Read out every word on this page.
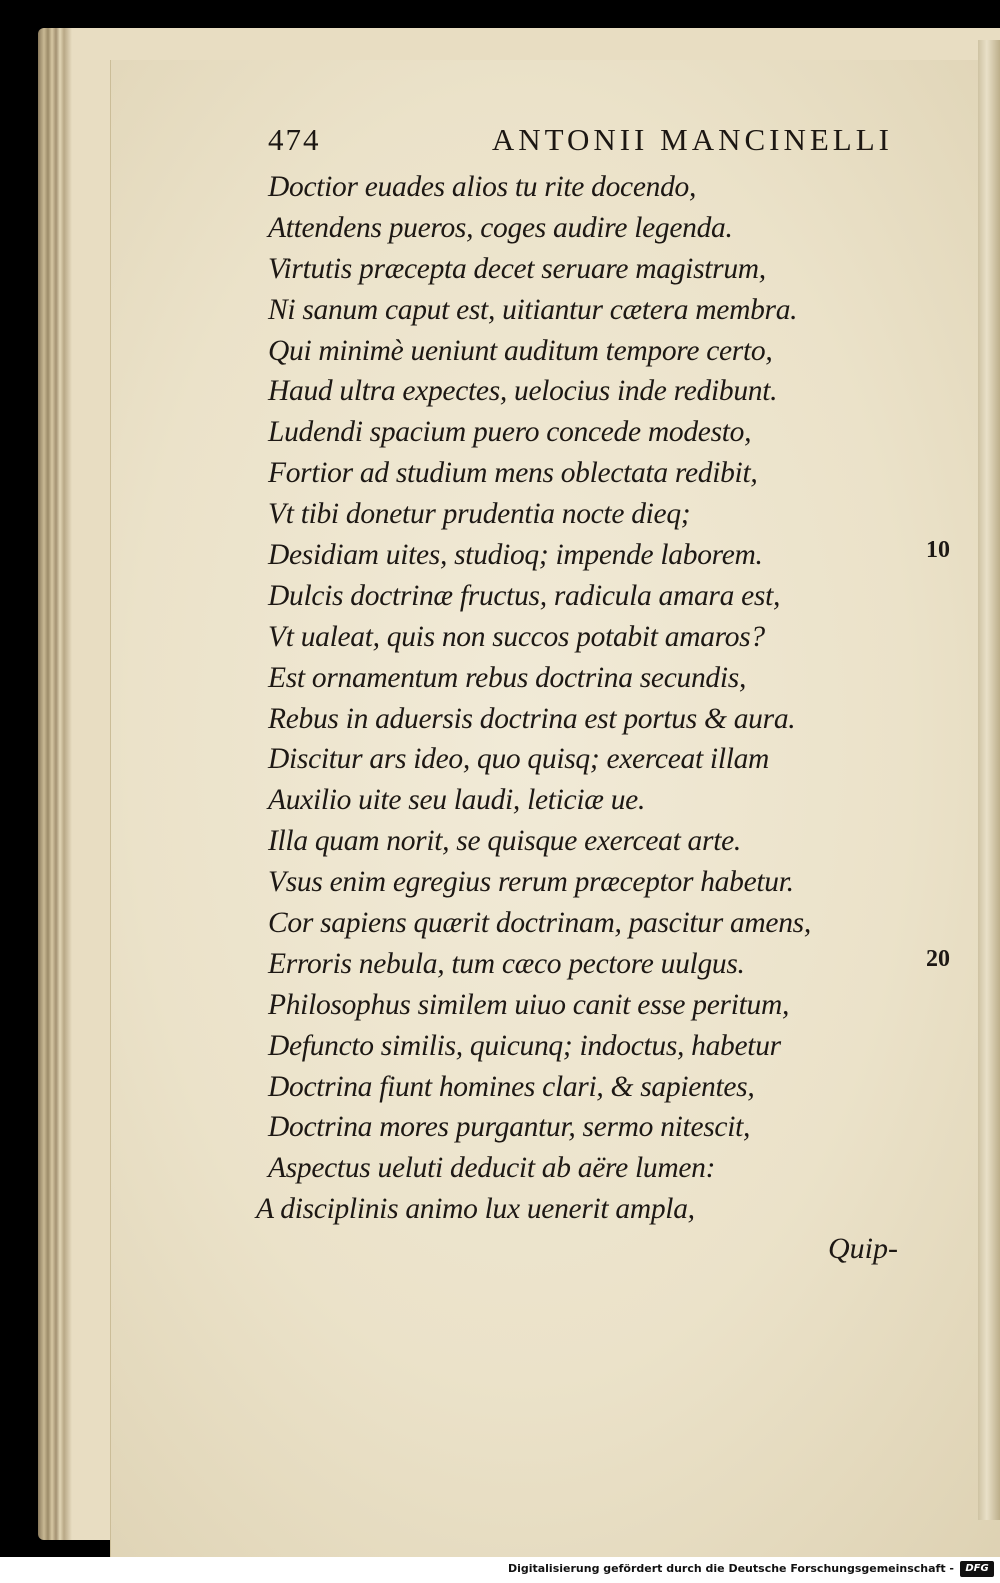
474	ANTONII MANCINELLI
Doctior euades alios tu rite docendo,
Attendens pueros, coges audire legenda.
Virtutis præcepta decet seruare magistrum,
Ni sanum caput est, uitiantur cætera membra.
Qui minimè ueniunt auditum tempore certo,
Haud ultra expectes, uelocius inde redibunt.
Ludendi spacium puero concede modesto,
Fortior ad studium mens oblectata redibit,
Vt tibi donetur prudentia nocte dieq;
Desidiam uites, studioq; impende laborem.
Dulcis doctrinæ fructus, radicula amara est,
Vt ualeat, quis non succos potabit amaros?
Est ornamentum rebus doctrina secundis,
Rebus in aduersis doctrina est portus & aura.
Discitur ars ideo, quo quisq; exerceat illam
Auxilio uite seu laudi, leticiæ ue.
Illa quam norit, se quisque exerceat arte.
Vsus enim egregius rerum præceptor habetur.
Cor sapiens quærit doctrinam, pascitur amens,
Erroris nebula, tum cæco pectore uulgus.
Philosophus similem uiuo canit esse peritum,
Defuncto similis, quicunq; indoctus, habetur
Doctrina fiunt homines clari, & sapientes,
Doctrina mores purgantur, sermo nitescit,
Aspectus ueluti deducit ab aëre lumen:
A disciplinis animo lux uenerit ampla,
10
20
Quip-
Digitalisierung gefördert durch die Deutsche Forschungsgemeinschaft -	DFG
